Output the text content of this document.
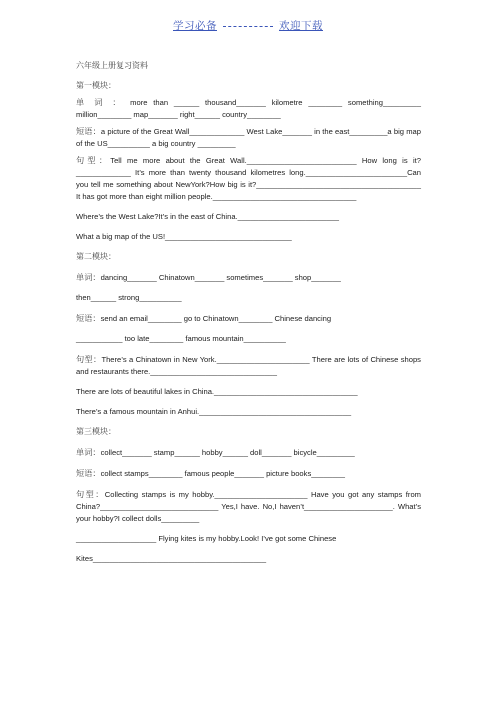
学习必备	欢迎下载

六年级上册复习资料

第一模块：

单 词 ： more than ______ thousand_______ kilometre ________ something_________ million________ map_______ right______ country________

短语：a picture of the Great Wall_____________ West Lake_______ in the east_________a big map of the US__________ a big country _________

句型：Tell me more about the Great Wall.__________________________ How long is it?_____________ It’s more than twenty thousand kilometres long.________________________Can you tell me something about NewYork?How big is it?_______________________________________ It has got more than eight million people.__________________________________

Where’s the West Lake?It’s in the east of China.________________________

What a big map of the US!______________________________

第二模块：

单词：dancing_______ Chinatown_______ sometimes_______ shop_______

then______ strong__________

短语：send an email________ go to Chinatown________ Chinese dancing

___________ too late________ famous mountain__________

句型：There’s a Chinatown in New York.______________________ There are lots of Chinese shops and restaurants there.______________________________

There are lots of beautiful lakes in China.__________________________________

There’s a famous mountain in Anhui.____________________________________

第三模块：

单词：collect_______ stamp______ hobby______ doll_______ bicycle_________

短语：collect stamps________ famous people_______ picture books________

句型：Collecting stamps is my hobby.______________________ Have you got any stamps from China?____________________________ Yes,I have. No,I haven’t_____________________. What’s your hobby?I collect dolls_________

___________________ Flying kites is my hobby.Look! I’ve got some Chinese

Kites_________________________________________
